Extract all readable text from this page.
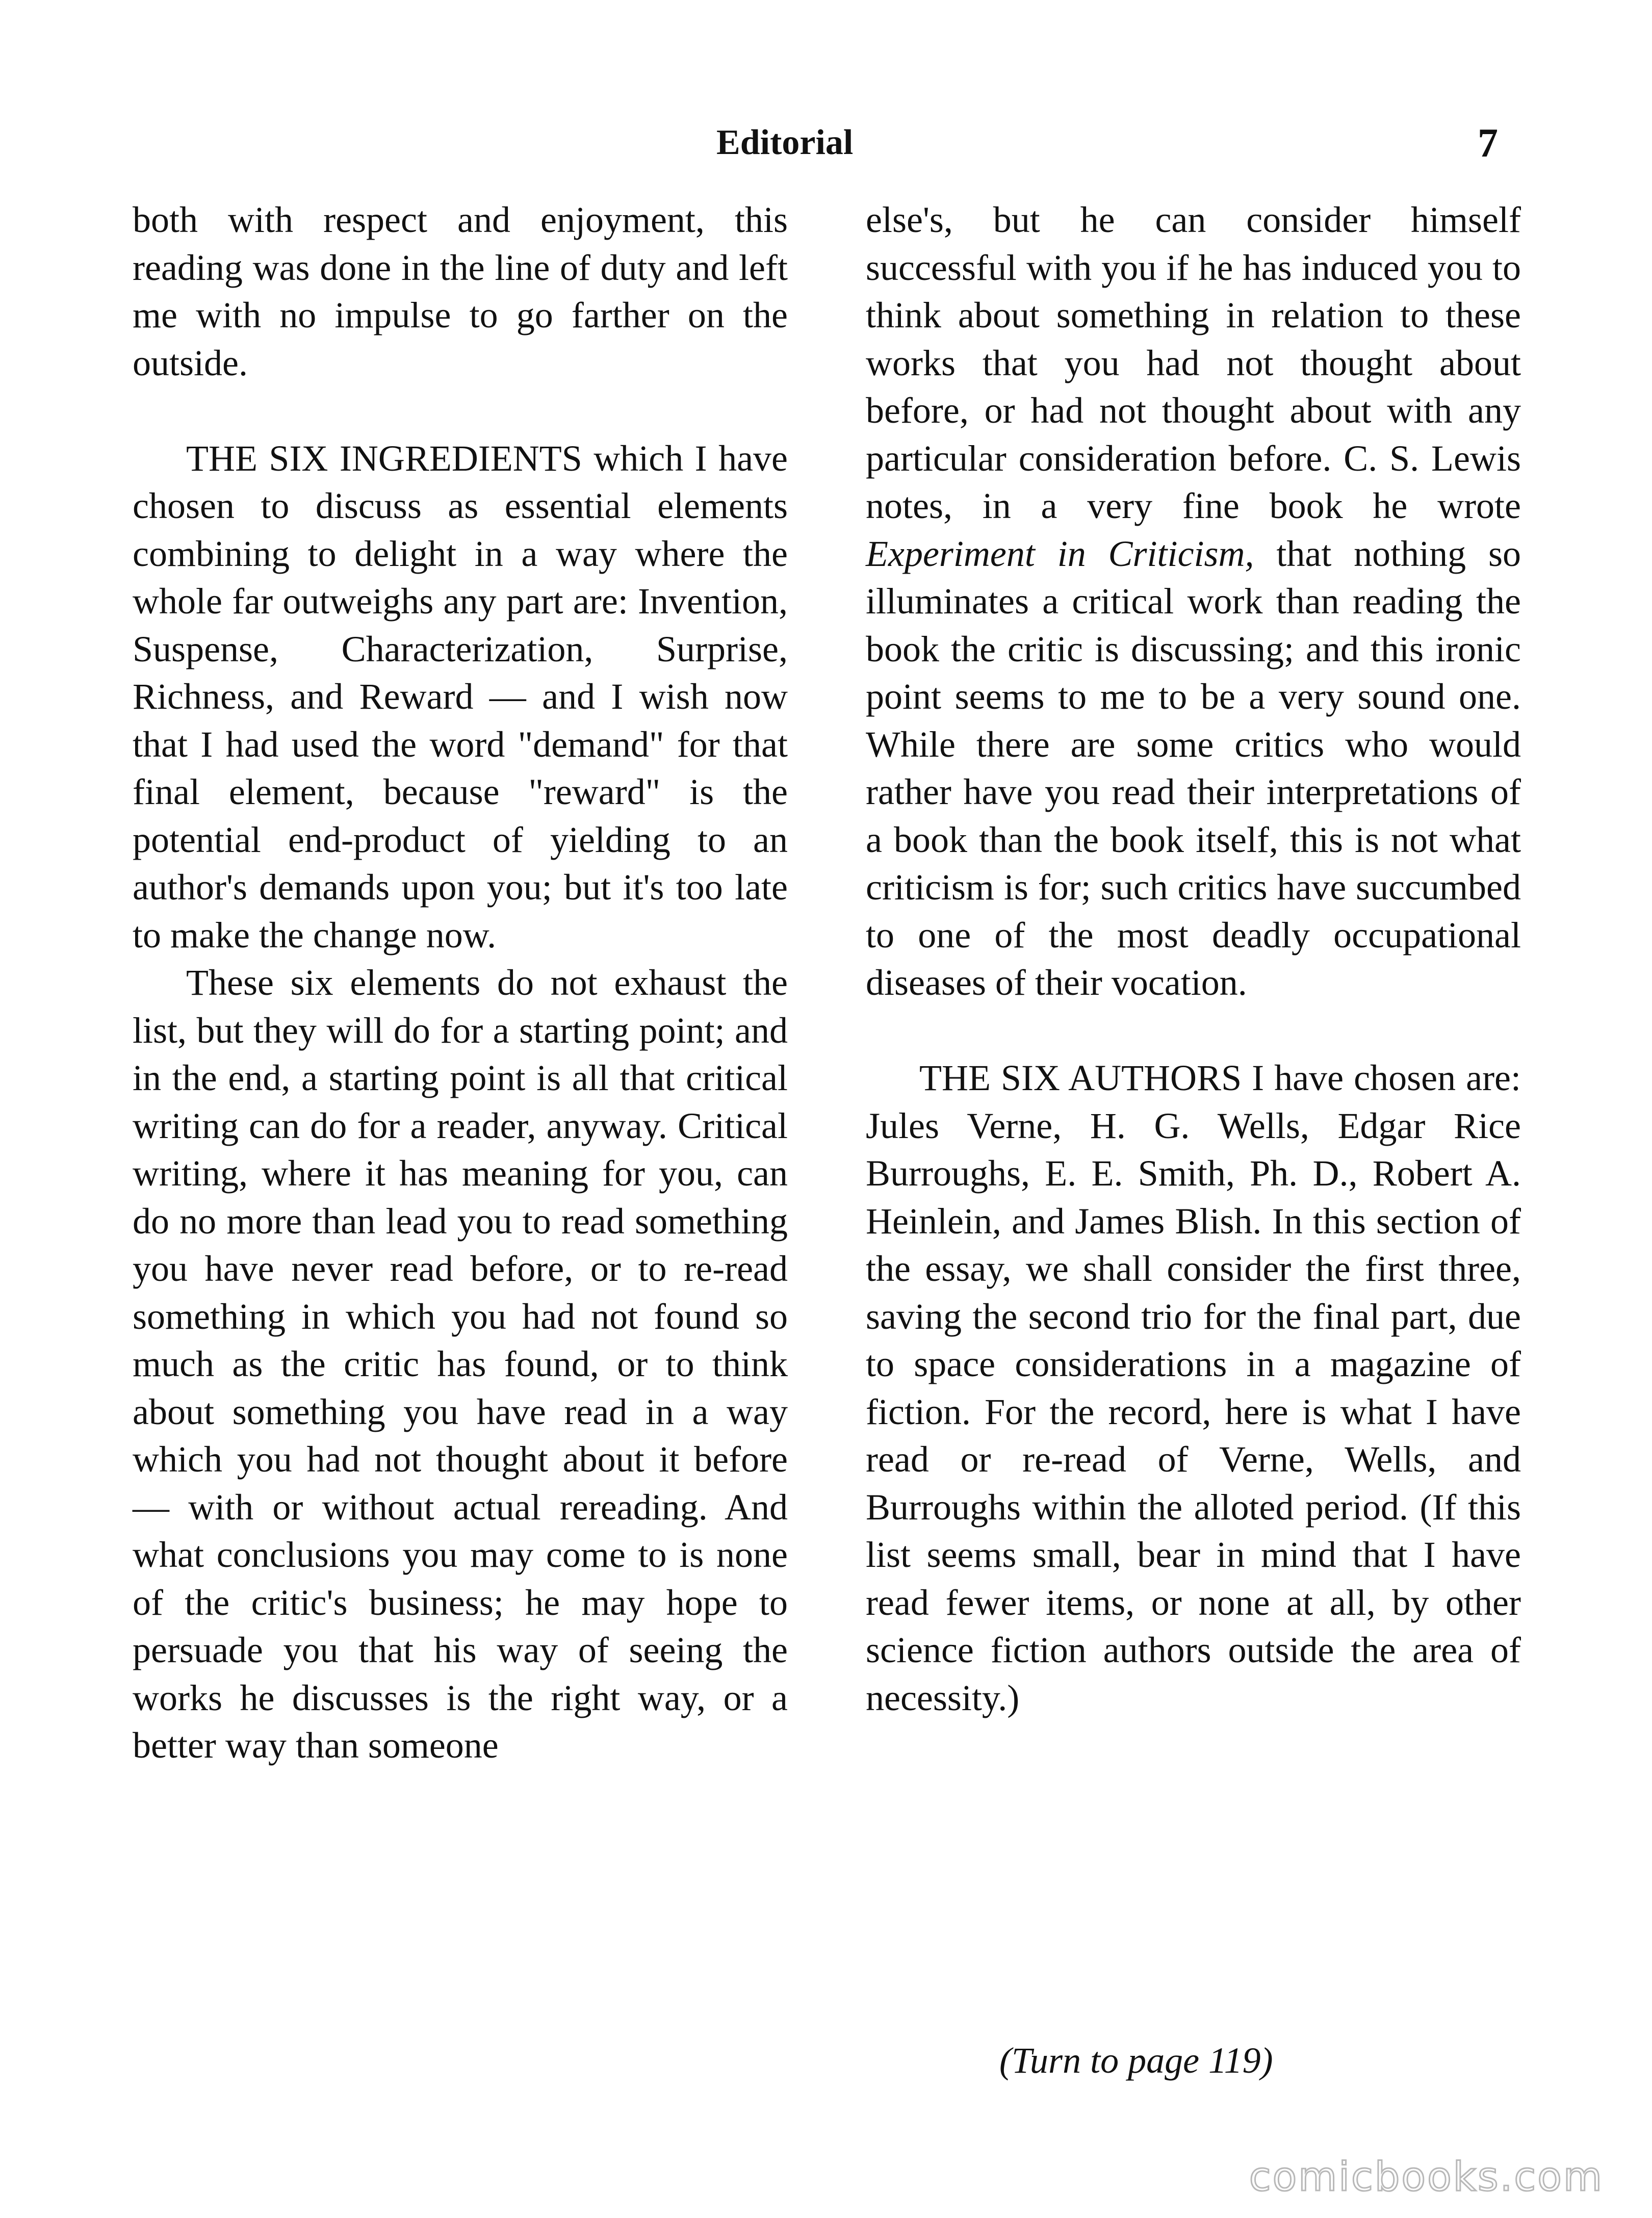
Editorial	7

both with respect and enjoyment, this reading was done in the line of duty and left me with no impulse to go farther on the outside.

THE SIX INGREDIENTS which I have chosen to discuss as essential elements combining to delight in a way where the whole far outweighs any part are: Invention, Suspense, Characterization, Surprise, Richness, and Reward — and I wish now that I had used the word "demand" for that final element, because "reward" is the potential end-product of yielding to an author's demands upon you; but it's too late to make the change now.

These six elements do not exhaust the list, but they will do for a starting point; and in the end, a starting point is all that critical writing can do for a reader, anyway. Critical writing, where it has meaning for you, can do no more than lead you to read something you have never read before, or to re-read something in which you had not found so much as the critic has found, or to think about something you have read in a way which you had not thought about it before — with or without actual rereading. And what conclusions you may come to is none of the critic's business; he may hope to persuade you that his way of seeing the works he discusses is the right way, or a better way than someone

else's, but he can consider himself successful with you if he has induced you to think about something in relation to these works that you had not thought about before, or had not thought about with any particular consideration before. C. S. Lewis notes, in a very fine book he wrote Experiment in Criticism, that nothing so illuminates a critical work than reading the book the critic is discussing; and this ironic point seems to me to be a very sound one. While there are some critics who would rather have you read their interpretations of a book than the book itself, this is not what criticism is for; such critics have succumbed to one of the most deadly occupational diseases of their vocation.

THE SIX AUTHORS I have chosen are: Jules Verne, H. G. Wells, Edgar Rice Burroughs, E. E. Smith, Ph. D., Robert A. Heinlein, and James Blish. In this section of the essay, we shall consider the first three, saving the second trio for the final part, due to space considerations in a magazine of fiction. For the record, here is what I have read or re-read of Verne, Wells, and Burroughs within the alloted period. (If this list seems small, bear in mind that I have read fewer items, or none at all, by other science fiction authors outside the area of necessity.)

(Turn to page 119)
comicbooks.com
